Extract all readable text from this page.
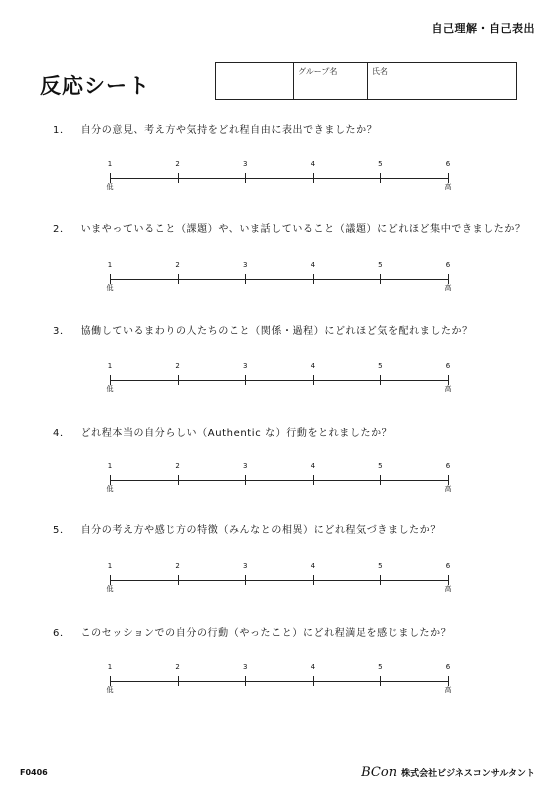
自己理解・自己表出
反応シート
グループ名	氏名
1． 自分の意見、考え方や気持をどれ程自由に表出できましたか？
1	2	3	4	5	6
低	高
2． いまやっていること（課題）や、いま話していること（議題）にどれほど集中できましたか？
1	2	3	4	5	6
低	高
3． 協働しているまわりの人たちのこと（関係・過程）にどれほど気を配れましたか？
1	2	3	4	5	6
低	高
4． どれ程本当の自分らしい（Authentic な）行動をとれましたか？
1	2	3	4	5	6
低	高
5． 自分の考え方や感じ方の特徴（みんなとの相異）にどれ程気づきましたか？
1	2	3	4	5	6
低	高
6． このセッションでの自分の行動（やったこと）にどれ程満足を感じましたか？
1	2	3	4	5	6
低	高
F0406	BCon 株式会社ビジネスコンサルタント
